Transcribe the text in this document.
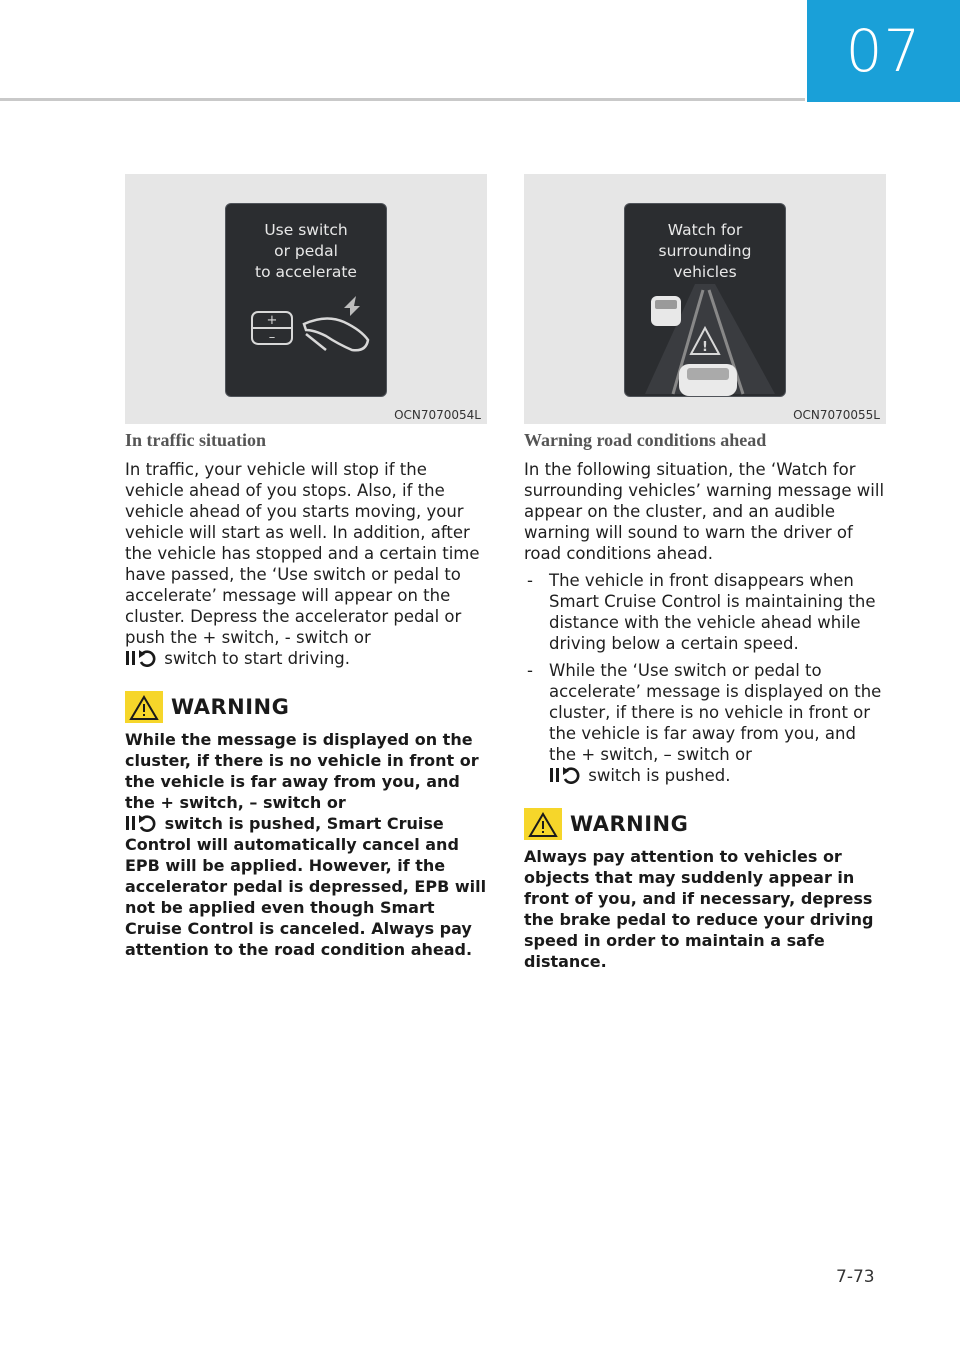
07
Use switch
or pedal
to accelerate
+
–
OCN7070054L
Watch for
surrounding
vehicles
!
OCN7070055L
In traffic situation

In traffic, your vehicle will stop if the vehicle ahead of you stops. Also, if the vehicle ahead of you starts moving, your vehicle will start as well. In addition, after the vehicle has stopped and a certain time have passed, the ‘Use switch or pedal to accelerate’ message will appear on the cluster. Depress the accelerator pedal or push the + switch, - switch or
switch to start driving.

WARNING

While the message is displayed on the cluster, if there is no vehicle in front or the vehicle is far away from you, and the + switch, – switch or
switch is pushed, Smart Cruise Control will automatically cancel and EPB will be applied. However, if the accelerator pedal is depressed, EPB will not be applied even though Smart Cruise Control is canceled. Always pay attention to the road condition ahead.

Warning road conditions ahead

In the following situation, the ‘Watch for surrounding vehicles’ warning message will appear on the cluster, and an audible warning will sound to warn the driver of road conditions ahead.

- The vehicle in front disappears when Smart Cruise Control is maintaining the distance with the vehicle ahead while driving below a certain speed.
- While the ‘Use switch or pedal to accelerate’ message is displayed on the cluster, if there is no vehicle in front or the vehicle is far away from you, and the + switch, – switch or
switch is pushed.
WARNING

Always pay attention to vehicles or objects that may suddenly appear in front of you, and if necessary, depress the brake pedal to reduce your driving speed in order to maintain a safe distance.

7-73
